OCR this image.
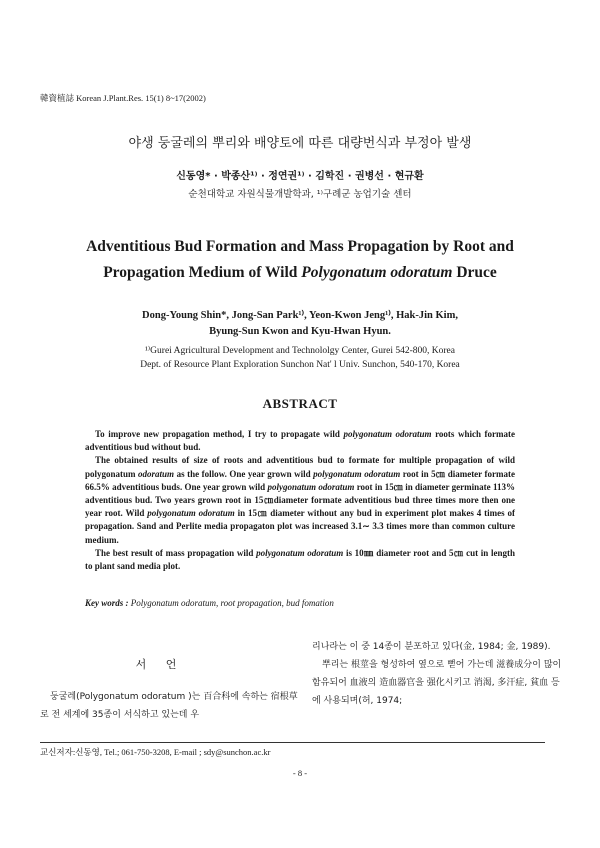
韓資植誌 Korean J.Plant.Res. 15(1) 8~17(2002)
야생 둥굴레의 뿌리와 배양토에 따른 대량번식과 부정아 발생
신동영* · 박종산¹⁾ · 정연권¹⁾ · 김학진 · 권병선 · 현규환
순천대학교 자원식물개발학과, ¹⁾구례군 농업기술 센터
Adventitious Bud Formation and Mass Propagation by Root and
Propagation Medium of Wild Polygonatum odoratum Druce
Dong-Young Shin*, Jong-San Park¹⁾, Yeon-Kwon Jeng¹⁾, Hak-Jin Kim,
Byung-Sun Kwon and Kyu-Hwan Hyun.
¹⁾Gurei Agricultural Development and Technololgy Center, Gurei 542-800, Korea
Dept. of Resource Plant Exploration Sunchon Nat' l Univ. Sunchon, 540-170, Korea
ABSTRACT

To improve new propagation method, I try to propagate wild polygonatum odoratum roots which formate adventitious bud without bud.

The obtained results of size of roots and adventitious bud to formate for multiple propagation of wild polygonatum odoratum as the follow. One year grown wild polygonatum odoratum root in 5㎝ diameter formate 66.5% adventitious buds. One year grown wild polygonatum odoratum root in 15㎝ in diameter germinate 113% adventitious bud. Two years grown root in 15㎝diameter formate adventitious bud three times more then one year root. Wild polygonatum odoratum in 15㎝ diameter without any bud in experiment plot makes 4 times of propagation. Sand and Perlite media propagaton plot was increased 3.1∼ 3.3 times more than common culture medium.

The best result of mass propagation wild polygonatum odoratum is 10㎜ diameter root and 5㎝ cut in length to plant sand media plot.

Key words : Polygonatum odoratum, root propagation, bud fomation
서 언

둥굴레(Polygonatum odoratum )는 百合科에 속하는 宿根草로 전 세계에 35종이 서식하고 있는데 우

리나라는 이 중 14종이 분포하고 있다(金, 1984; 金, 1989).

뿌리는 根莖을 형성하여 옆으로 뻗어 가는데 滋養成分이 많이 함유되어 血液의 造血器官을 强化시키고 消渴, 多汗症, 貧血 등에 사용되며(허, 1974;

교신저자:신동영, Tel.; 061-750-3208, E-mail ; sdy@sunchon.ac.kr
- 8 -
